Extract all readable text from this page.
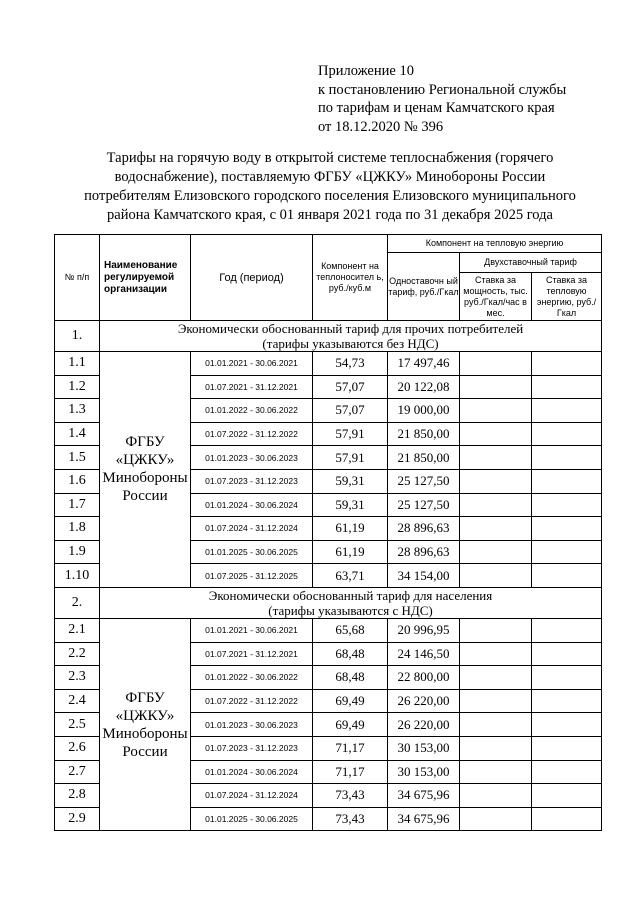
Приложение 10
к постановлению Региональной службы
по тарифам и ценам Камчатского края
от 18.12.2020 № 396
Тарифы на горячую воду в открытой системе теплоснабжения (горячего
водоснабжение), поставляемую ФГБУ «ЦЖКУ» Минобороны России
потребителям Елизовского городского поселения Елизовского муниципального
района Камчатского края, с 01 января 2021 года по 31 декабря 2025 года
№ п/п	Наименование регулируемой организации	Год (период)	Компонент на теплоносител ь, руб./куб.м	Компонент на тепловую энергию		
				Одноставочн ый тариф, руб./Гкал	Двухставочный тариф	
					Ставка за мощность, тыс. руб./Гкал/час в мес.	Ставка за тепловую энергию, руб./Гкал
1.	Экономически обоснованный тариф для прочих потребителей
(тарифы указываются без НДС)					

1.1	ФГБУ
«ЦЖКУ»
Минобороны России	01.01.2021 - 30.06.2021	54,73	17 497,46		
1.2		01.07.2021 - 31.12.2021	57,07	20 122,08		
1.3		01.01.2022 - 30.06.2022	57,07	19 000,00		
1.4		01.07.2022 - 31.12.2022	57,91	21 850,00		
1.5		01.01.2023 - 30.06.2023	57,91	21 850,00		
1.6		01.07.2023 - 31.12.2023	59,31	25 127,50		
1.7		01.01.2024 - 30.06.2024	59,31	25 127,50		
1.8		01.07.2024 - 31.12.2024	61,19	28 896,63		
1.9		01.01.2025 - 30.06.2025	61,19	28 896,63		
1.10		01.07.2025 - 31.12.2025	63,71	34 154,00		
2.	Экономически обоснованный тариф для населения
(тарифы указываются с НДС)					

2.1	ФГБУ
«ЦЖКУ»
Минобороны России	01.01.2021 - 30.06.2021	65,68	20 996,95		
2.2		01.07.2021 - 31.12.2021	68,48	24 146,50		
2.3		01.01.2022 - 30.06.2022	68,48	22 800,00		
2.4		01.07.2022 - 31.12.2022	69,49	26 220,00		
2.5		01.01.2023 - 30.06.2023	69,49	26 220,00		
2.6		01.07.2023 - 31.12.2023	71,17	30 153,00		
2.7		01.01.2024 - 30.06.2024	71,17	30 153,00		
2.8		01.07.2024 - 31.12.2024	73,43	34 675,96		
2.9		01.01.2025 - 30.06.2025	73,43	34 675,96		
